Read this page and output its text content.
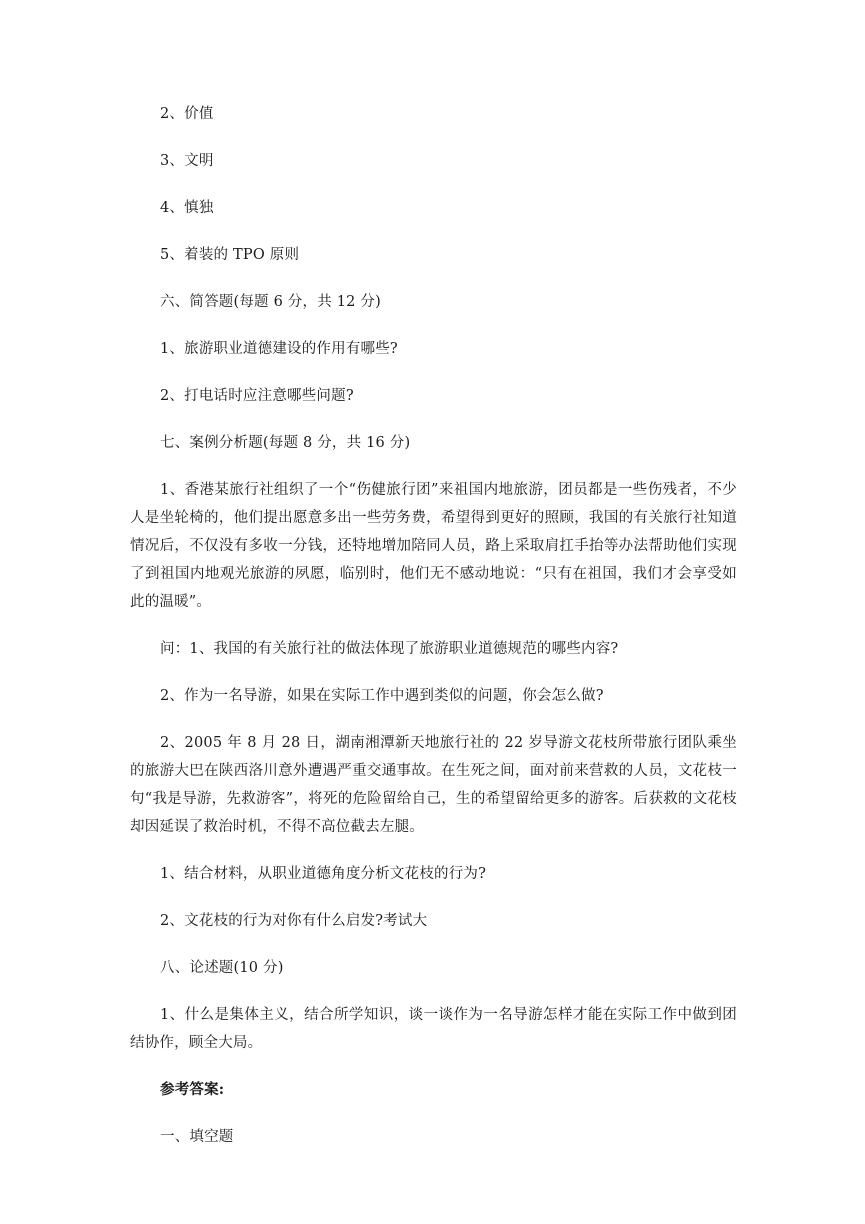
2、价值

3、文明

4、慎独

5、着装的 TPO 原则

六、简答题(每题 6 分，共 12 分)

1、旅游职业道德建设的作用有哪些?

2、打电话时应注意哪些问题?

七、案例分析题(每题 8 分，共 16 分)

1、香港某旅行社组织了一个“伤健旅行团”来祖国内地旅游，团员都是一些伤残者，不少人是坐轮椅的，他们提出愿意多出一些劳务费，希望得到更好的照顾，我国的有关旅行社知道情况后，不仅没有多收一分钱，还特地增加陪同人员，路上采取肩扛手抬等办法帮助他们实现了到祖国内地观光旅游的夙愿，临别时，他们无不感动地说：“只有在祖国，我们才会享受如此的温暖”。

问：1、我国的有关旅行社的做法体现了旅游职业道德规范的哪些内容?

2、作为一名导游，如果在实际工作中遇到类似的问题，你会怎么做?

2、2005 年 8 月 28 日，湖南湘潭新天地旅行社的 22 岁导游文花枝所带旅行团队乘坐的旅游大巴在陕西洛川意外遭遇严重交通事故。在生死之间，面对前来营救的人员，文花枝一句“我是导游，先救游客”，将死的危险留给自己，生的希望留给更多的游客。后获救的文花枝却因延误了救治时机，不得不高位截去左腿。

1、结合材料，从职业道德角度分析文花枝的行为?

2、文花枝的行为对你有什么启发?考试大

八、论述题(10 分)

1、什么是集体主义，结合所学知识，谈一谈作为一名导游怎样才能在实际工作中做到团结协作，顾全大局。

参考答案:

一、填空题
